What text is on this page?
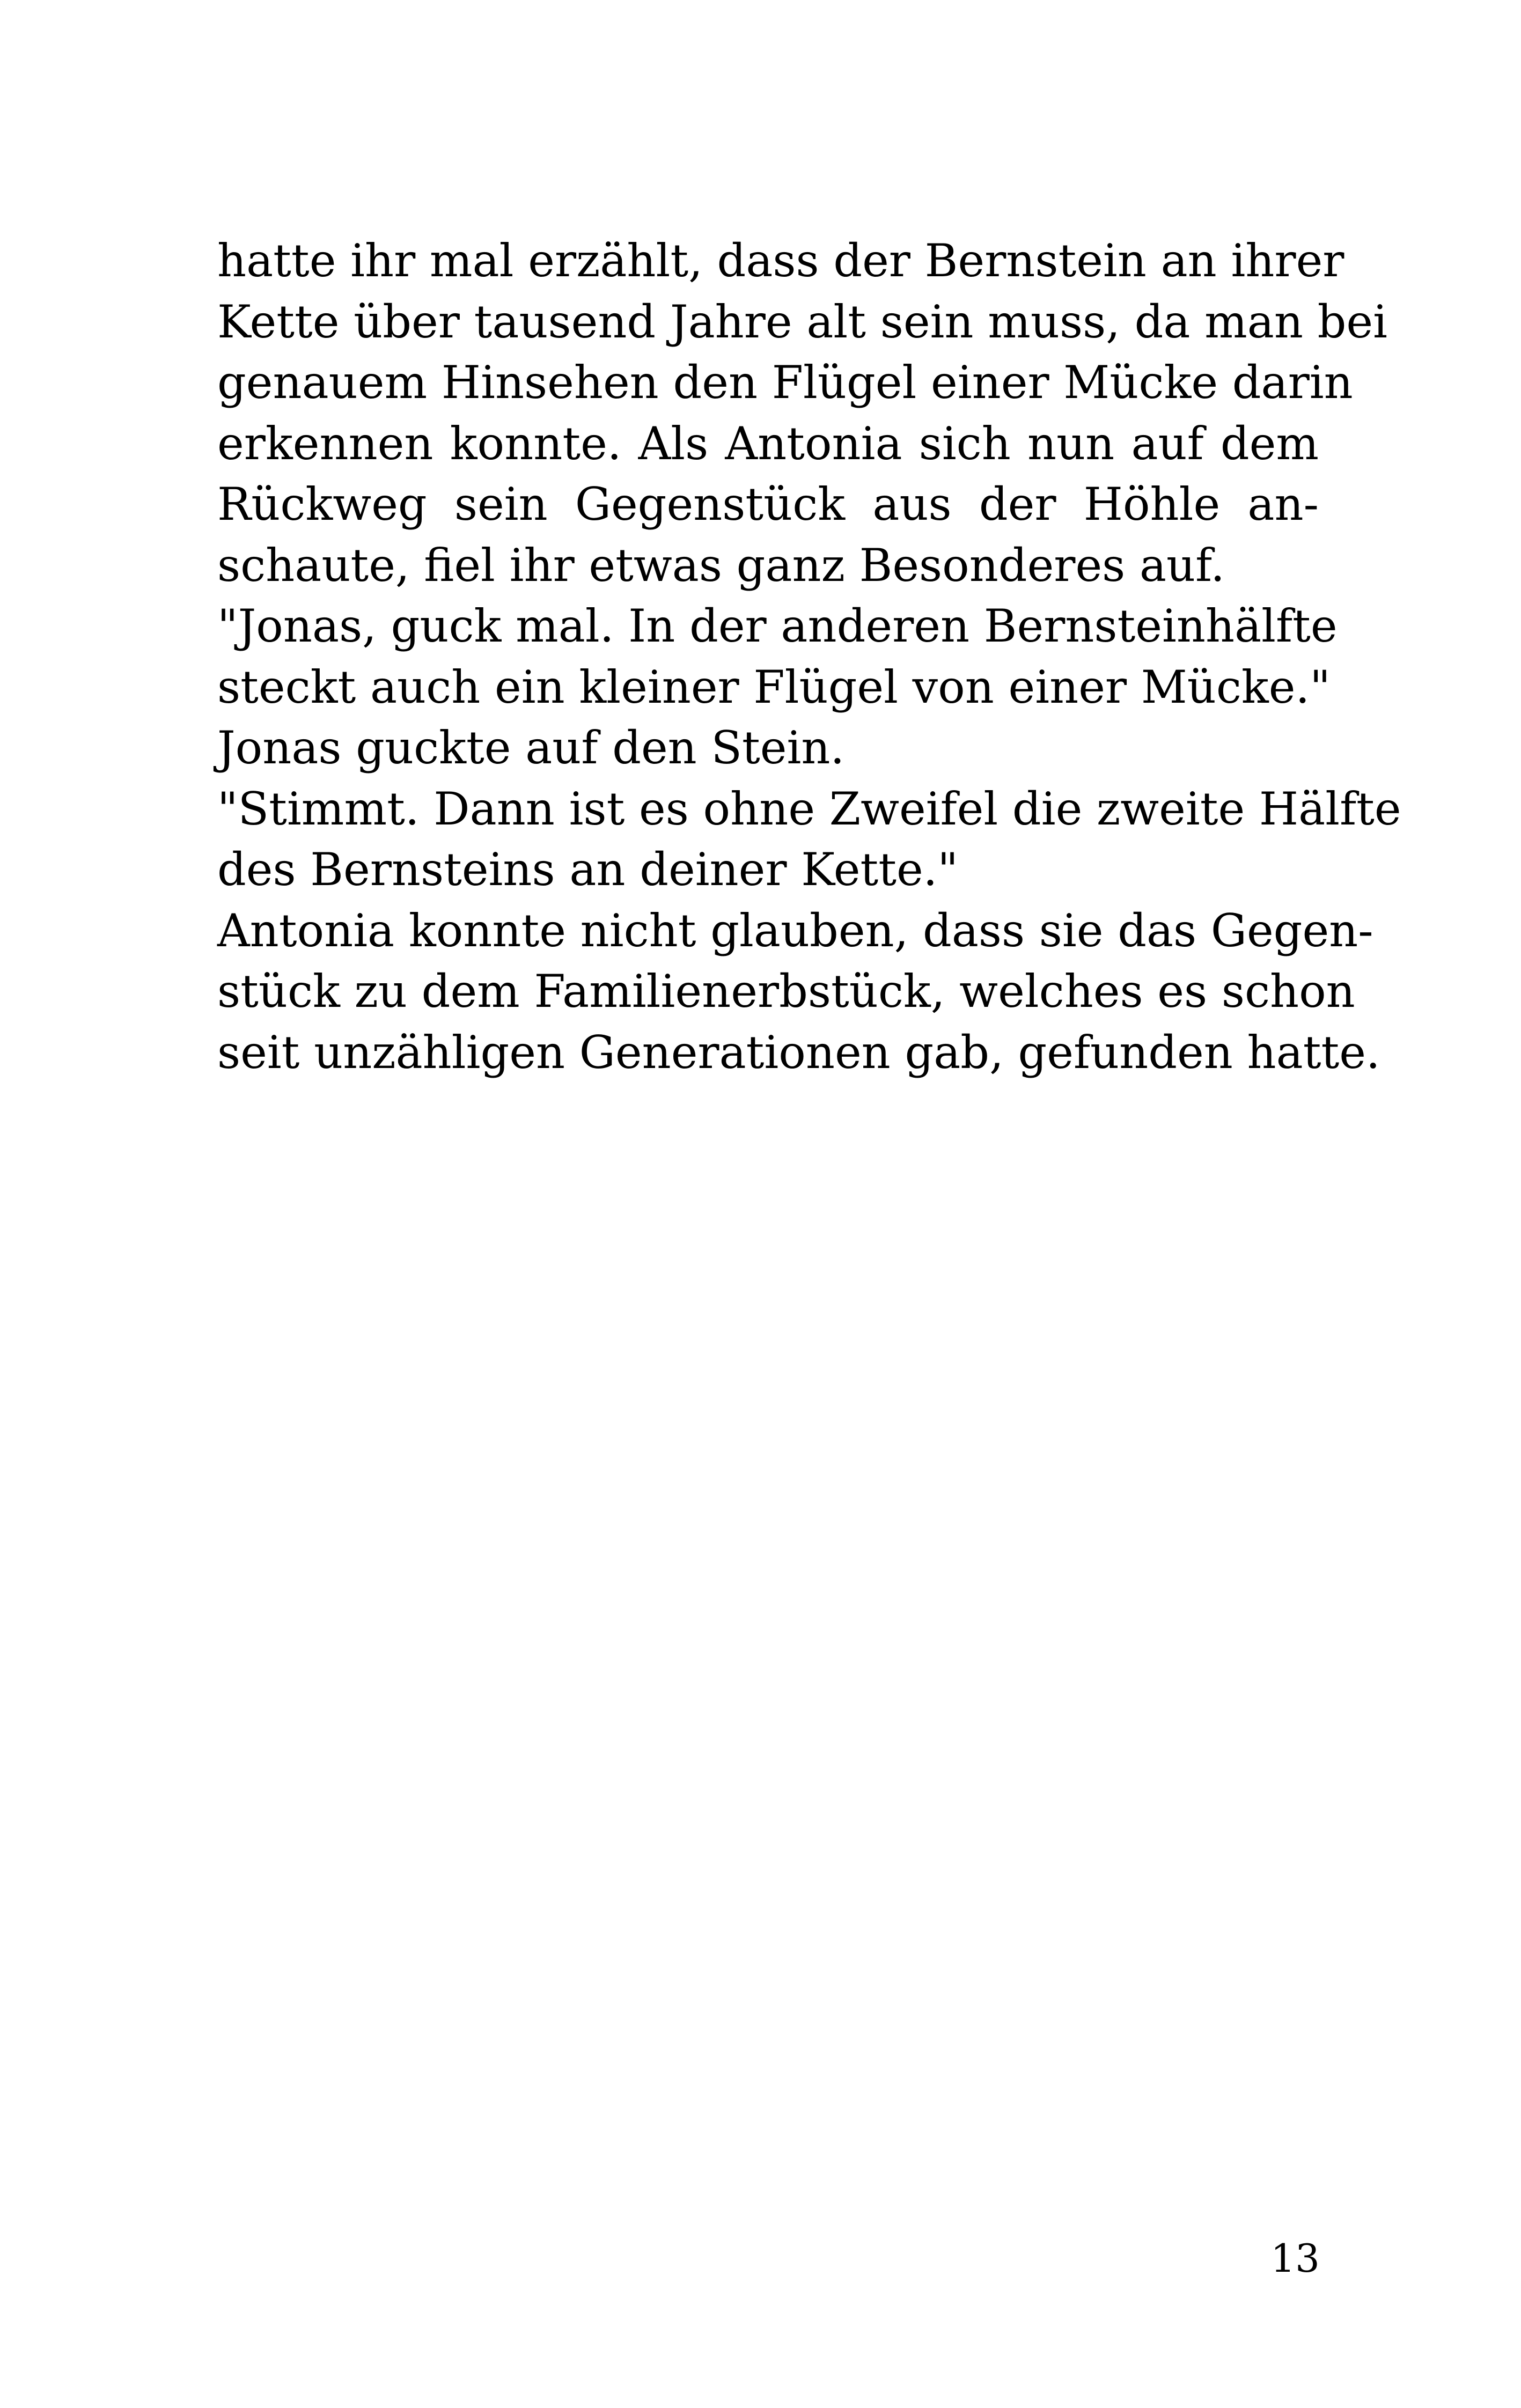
hatte ihr mal erzählt, dass der Bernstein an ihrer
Kette über tausend Jahre alt sein muss, da man bei
genauem Hinsehen den Flügel einer Mücke darin
erkennen konnte. Als Antonia sich nun auf dem
Rückweg sein Gegenstück aus der Höhle an-
schaute, fiel ihr etwas ganz Besonderes auf.
"Jonas, guck mal. In der anderen Bernsteinhälfte
steckt auch ein kleiner Flügel von einer Mücke."
Jonas guckte auf den Stein.
"Stimmt. Dann ist es ohne Zweifel die zweite Hälfte
des Bernsteins an deiner Kette."
Antonia konnte nicht glauben, dass sie das Gegen-
stück zu dem Familienerbstück, welches es schon
seit unzähligen Generationen gab, gefunden hatte.
13
